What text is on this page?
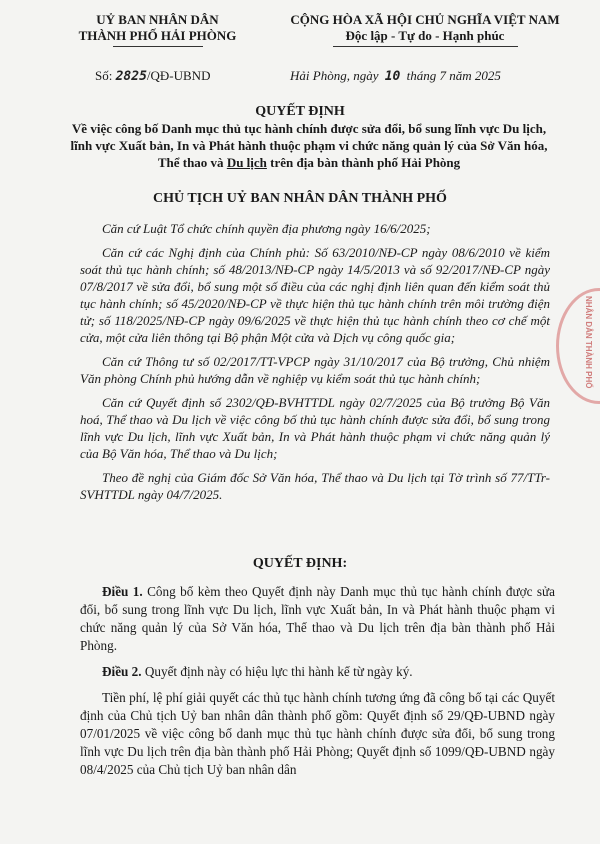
UỶ BAN NHÂN DÂN
THÀNH PHỐ HẢI PHÒNG
CỘNG HÒA XÃ HỘI CHỦ NGHĨA VIỆT NAM
Độc lập - Tự do - Hạnh phúc
Số: 2825/QĐ-UBND	Hải Phòng, ngày 10 tháng 7 năm 2025
QUYẾT ĐỊNH
Về việc công bố Danh mục thủ tục hành chính được sửa đổi, bổ sung lĩnh vực Du lịch, lĩnh vực Xuất bản, In và Phát hành thuộc phạm vi chức năng quản lý của Sở Văn hóa, Thể thao và Du lịch trên địa bàn thành phố Hải Phòng
CHỦ TỊCH UỶ BAN NHÂN DÂN THÀNH PHỐ

Căn cứ Luật Tổ chức chính quyền địa phương ngày 16/6/2025;

Căn cứ các Nghị định của Chính phủ: Số 63/2010/NĐ-CP ngày 08/6/2010 về kiểm soát thủ tục hành chính; số 48/2013/NĐ-CP ngày 14/5/2013 và số 92/2017/NĐ-CP ngày 07/8/2017 về sửa đổi, bổ sung một số điều của các nghị định liên quan đến kiểm soát thủ tục hành chính; số 45/2020/NĐ-CP về thực hiện thủ tục hành chính trên môi trường điện tử; số 118/2025/NĐ-CP ngày 09/6/2025 về thực hiện thủ tục hành chính theo cơ chế một cửa, một cửa liên thông tại Bộ phận Một cửa và Dịch vụ công quốc gia;

Căn cứ Thông tư số 02/2017/TT-VPCP ngày 31/10/2017 của Bộ trưởng, Chủ nhiệm Văn phòng Chính phủ hướng dẫn về nghiệp vụ kiểm soát thủ tục hành chính;

Căn cứ Quyết định số 2302/QĐ-BVHTTDL ngày 02/7/2025 của Bộ trưởng Bộ Văn hoá, Thể thao và Du lịch về việc công bố thủ tục hành chính được sửa đổi, bổ sung trong lĩnh vực Du lịch, lĩnh vực Xuất bản, In và Phát hành thuộc phạm vi chức năng quản lý của Bộ Văn hóa, Thể thao và Du lịch;

Theo đề nghị của Giám đốc Sở Văn hóa, Thể thao và Du lịch tại Tờ trình số 77/TTr-SVHTTDL ngày 04/7/2025.

QUYẾT ĐỊNH:

Điều 1. Công bố kèm theo Quyết định này Danh mục thủ tục hành chính được sửa đổi, bổ sung trong lĩnh vực Du lịch, lĩnh vực Xuất bản, In và Phát hành thuộc phạm vi chức năng quản lý của Sở Văn hóa, Thể thao và Du lịch trên địa bàn thành phố Hải Phòng.

Điều 2. Quyết định này có hiệu lực thi hành kể từ ngày ký.

Tiền phí, lệ phí giải quyết các thủ tục hành chính tương ứng đã công bố tại các Quyết định của Chủ tịch Uỷ ban nhân dân thành phố gồm: Quyết định số 29/QĐ-UBND ngày 07/01/2025 về việc công bố danh mục thủ tục hành chính được sửa đổi, bổ sung trong lĩnh vực Du lịch trên địa bàn thành phố Hải Phòng; Quyết định số 1099/QĐ-UBND ngày 08/4/2025 của Chủ tịch Uỷ ban nhân dân

NHÂN DÂN THÀNH PHỐ
